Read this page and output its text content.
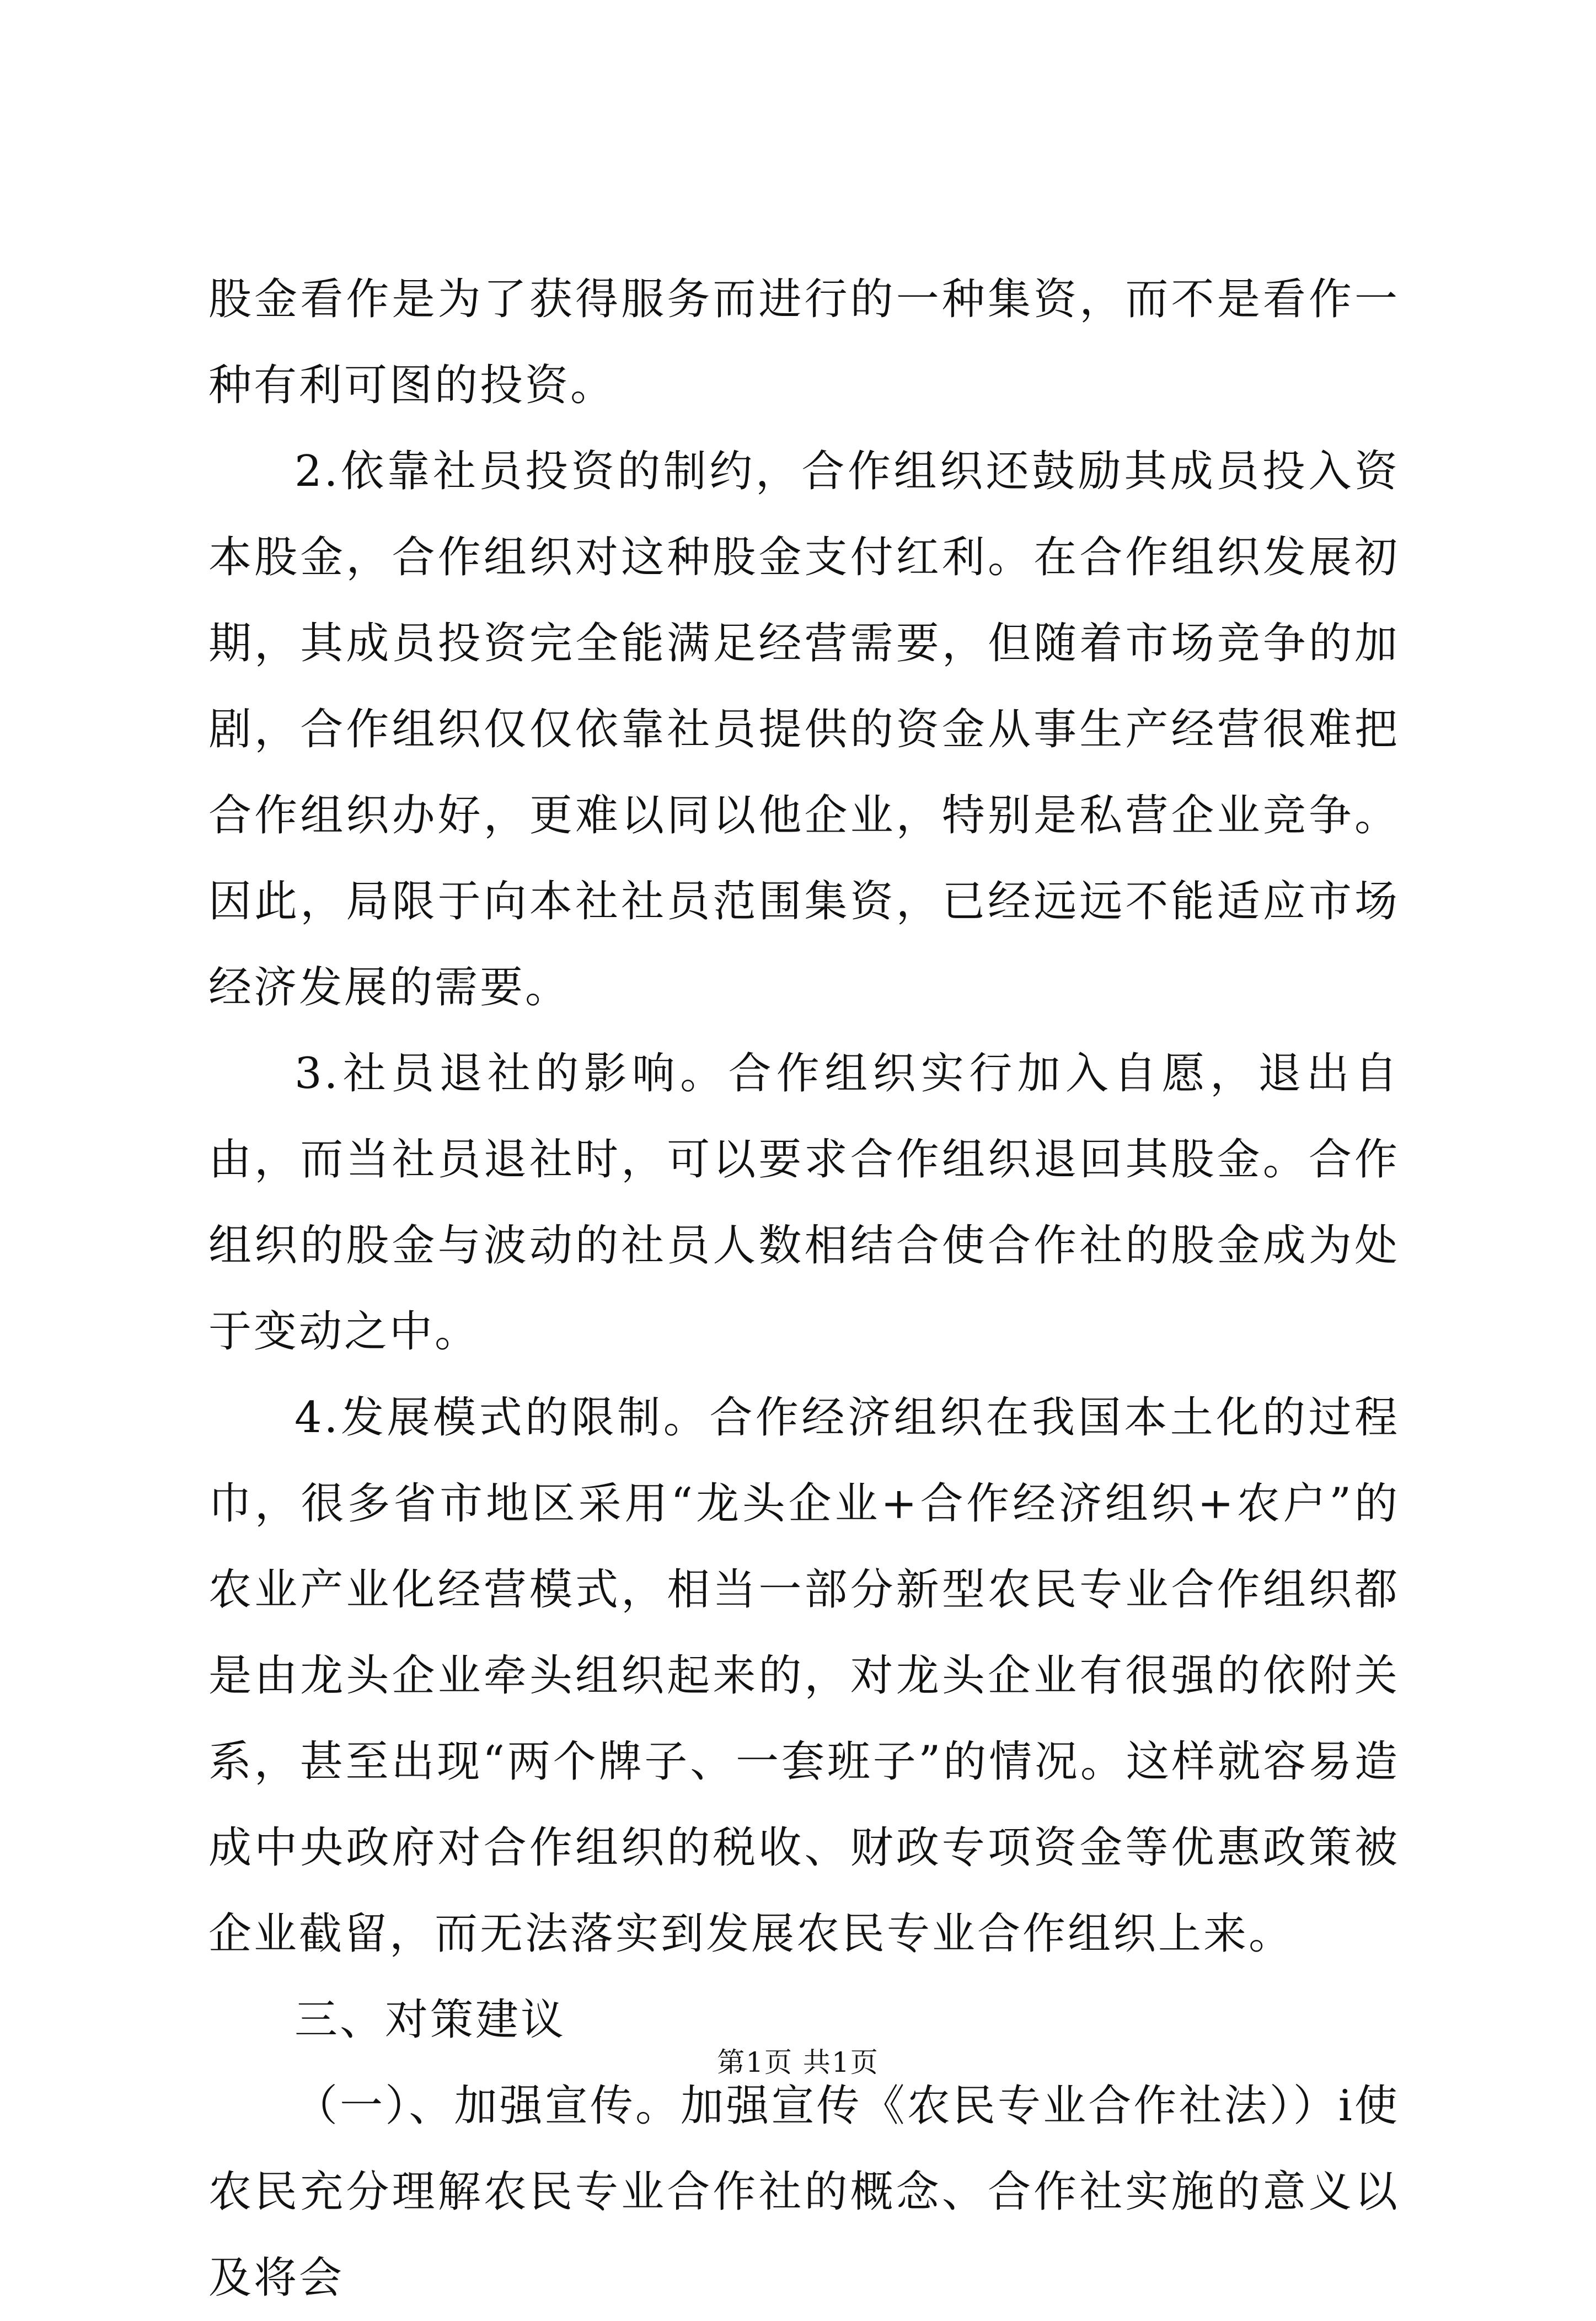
股金看作是为了获得服务而进行的一种集资，而不是看作一种有利可图的投资。

2.依靠社员投资的制约，合作组织还鼓励其成员投入资本股金，合作组织对这种股金支付红利。在合作组织发展初期，其成员投资完全能满足经营需要，但随着市场竞争的加剧，合作组织仅仅依靠社员提供的资金从事生产经营很难把合作组织办好，更难以同以他企业，特别是私营企业竞争。因此，局限于向本社社员范围集资，已经远远不能适应市场经济发展的需要。

3.社员退社的影响。合作组织实行加入自愿，退出自由，而当社员退社时，可以要求合作组织退回其股金。合作组织的股金与波动的社员人数相结合使合作社的股金成为处于变动之中。

4.发展模式的限制。合作经济组织在我国本土化的过程巾，很多省市地区采用“龙头企业+合作经济组织+农户”的农业产业化经营模式，相当一部分新型农民专业合作组织都是由龙头企业牵头组织起来的，对龙头企业有很强的依附关系，甚至出现“两个牌子、一套班子”的情况。这样就容易造成中央政府对合作组织的税收、财政专项资金等优惠政策被企业截留，而无法落实到发展农民专业合作组织上来。

三、对策建议

（一）、加强宣传。加强宣传《农民专业合作社法））i使农民充分理解农民专业合作社的概念、合作社实施的意义以及将会

第1页 共1页
